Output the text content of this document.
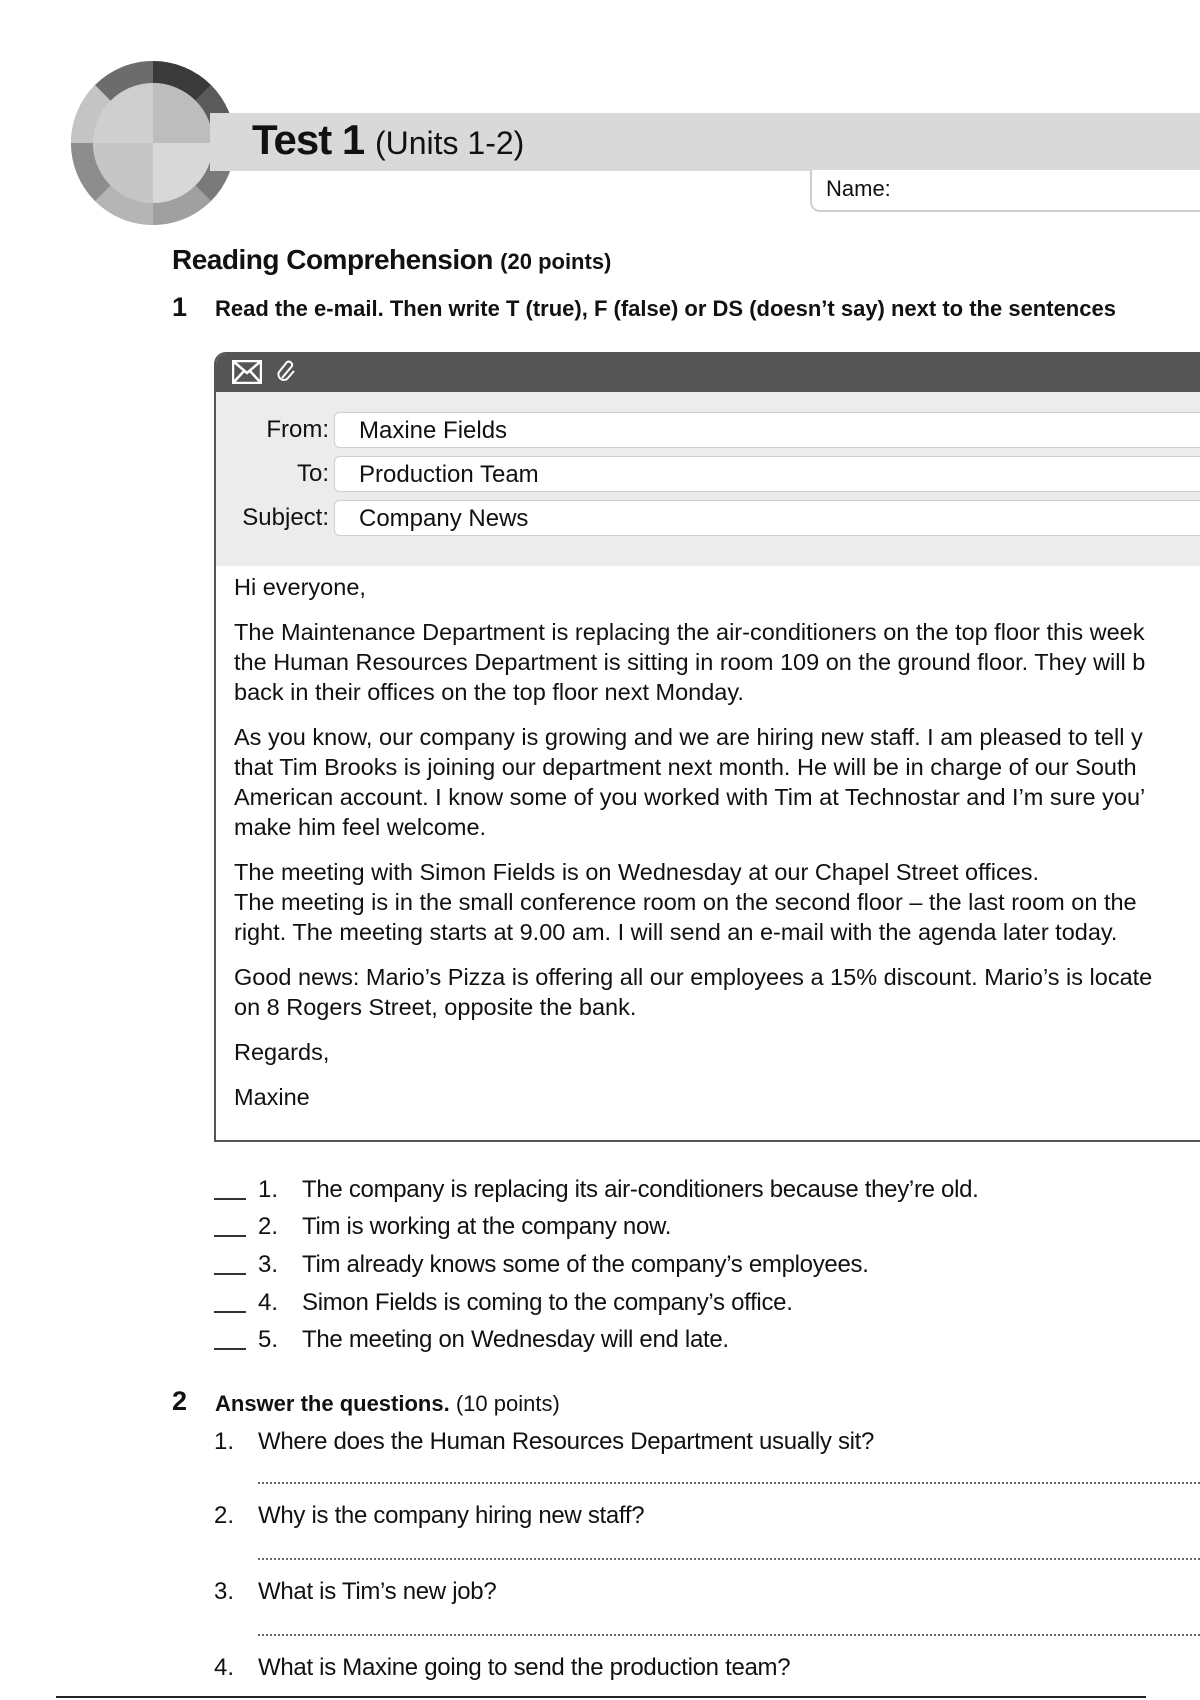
Test 1 (Units 1-2)
Name:
Reading Comprehension (20 points)
1 Read the e-mail. Then write T (true), F (false) or DS (doesn’t say) next to the sentences
From: Maxine Fields
To: Production Team
Subject: Company News

Hi everyone,

The Maintenance Department is replacing the air-conditioners on the top floor this week
the Human Resources Department is sitting in room 109 on the ground floor. They will b
back in their offices on the top floor next Monday.

As you know, our company is growing and we are hiring new staff. I am pleased to tell y
that Tim Brooks is joining our department next month. He will be in charge of our South
American account. I know some of you worked with Tim at Technostar and I’m sure you’
make him feel welcome.

The meeting with Simon Fields is on Wednesday at our Chapel Street offices.
The meeting is in the small conference room on the second floor – the last room on the
right. The meeting starts at 9.00 am. I will send an e-mail with the agenda later today.

Good news: Mario’s Pizza is offering all our employees a 15% discount. Mario’s is locate
on 8 Rogers Street, opposite the bank.

Regards,

Maxine

1. The company is replacing its air-conditioners because they’re old.
2. Tim is working at the company now.
3. Tim already knows some of the company’s employees.
4. Simon Fields is coming to the company’s office.
5. The meeting on Wednesday will end late.
2 Answer the questions. (10 points)
1. Where does the Human Resources Department usually sit?
2. Why is the company hiring new staff?
3. What is Tim’s new job?
4. What is Maxine going to send the production team?
